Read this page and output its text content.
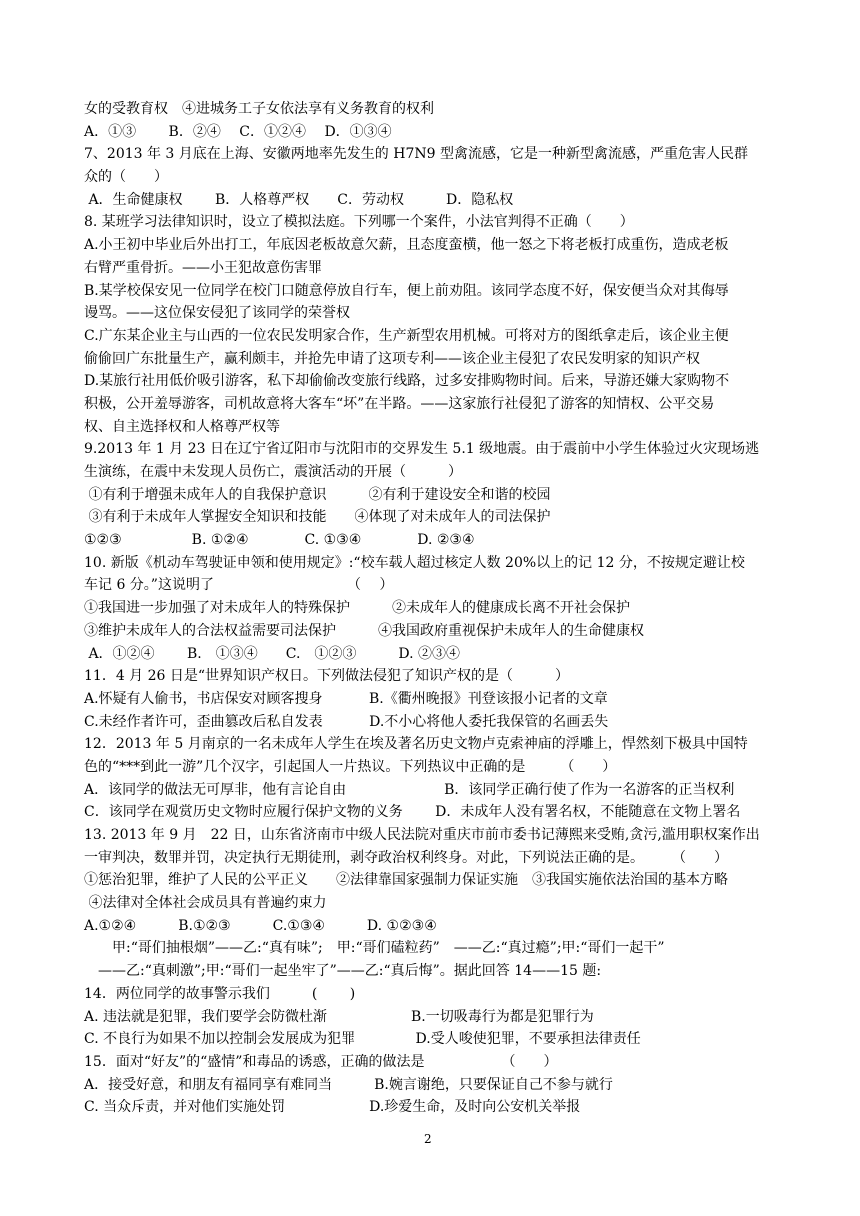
女的受教育权　④进城务工子女依法享有义务教育的权利
A．①③　　 B．②④　 C．①②④　 D．①③④
7、2013 年 3 月底在上海、安徽两地率先发生的 H7N9 型禽流感，它是一种新型禽流感，严重危害人民群
众的（　　）
A．生命健康权　　 B．人格尊严权　　C．劳动权　　　D．隐私权
8. 某班学习法律知识时，设立了模拟法庭。下列哪一个案件，小法官判得不正确（　　）
A.小王初中毕业后外出打工，年底因老板故意欠薪，且态度蛮横，他一怒之下将老板打成重伤，造成老板
右臂严重骨折。——小王犯故意伤害罪
B.某学校保安见一位同学在校门口随意停放自行车，便上前劝阻。该同学态度不好，保安便当众对其侮辱
谩骂。——这位保安侵犯了该同学的荣誉权
C.广东某企业主与山西的一位农民发明家合作，生产新型农用机械。可将对方的图纸拿走后，该企业主便
偷偷回广东批量生产，赢利颇丰，并抢先申请了这项专利——该企业主侵犯了农民发明家的知识产权
D.某旅行社用低价吸引游客，私下却偷偷改变旅行线路，过多安排购物时间。后来，导游还嫌大家购物不
积极，公开羞辱游客，司机故意将大客车“坏”在半路。——这家旅行社侵犯了游客的知情权、公平交易
权、自主选择权和人格尊严权等
9.2013 年 1 月 23 日在辽宁省辽阳市与沈阳市的交界发生 5.1 级地震。由于震前中小学生体验过火灾现场逃
生演练，在震中未发现人员伤亡，震演活动的开展（　　　）
①有利于增强未成年人的自我保护意识　　　②有利于建设安全和谐的校园
③有利于未成年人掌握安全知识和技能　　④体现了对未成年人的司法保护
①②③　　　　　B. ①②④　　　　C. ①③④　　　　D. ②③④
10. 新版《机动车驾驶证申领和使用规定》:“校车载人超过核定人数 20%以上的记 12 分，不按规定避让校
车记 6 分。”这说明了　　　　　　　　　　（　 ）
①我国进一步加强了对未成年人的特殊保护　　　②未成年人的健康成长离不开社会保护
③维护未成年人的合法权益需要司法保护　　　④我国政府重视保护未成年人的生命健康权
A．①②④　　 B.　①③④　　C.　①②③　　　D. ②③④
11．4 月 26 日是“世界知识产权日。下列做法侵犯了知识产权的是（　　　）
A.怀疑有人偷书，书店保安对顾客搜身　　　 B.《衢州晚报》刊登该报小记者的文章
C.未经作者许可，歪曲篡改后私自发表　　　 D.不小心将他人委托我保管的名画丢失
12．2013 年 5 月南京的一名未成年人学生在埃及著名历史文物卢克索神庙的浮雕上，悍然刻下极具中国特
色的“***到此一游”几个汉字，引起国人一片热议。下列热议中正确的是　　　（　　）
A．该同学的做法无可厚非，他有言论自由　　　　　　　B．该同学正确行使了作为一名游客的正当权利
C．该同学在观赏历史文物时应履行保护文物的义务　　 D．未成年人没有署名权，不能随意在文物上署名
13. 2013 年 9 月　22 日，山东省济南市中级人民法院对重庆市前市委书记薄熙来受贿,贪污,滥用职权案作出
一审判决，数罪并罚，决定执行无期徒刑，剥夺政治权利终身。对此，下列说法正确的是。　　　（　　）
①惩治犯罪，维护了人民的公平正义　　②法律靠国家强制力保证实施　③我国实施依法治国的基本方略
④法律对全体社会成员具有普遍约束力
A.①②④　　　B.①②③　　　C.①③④　　　D. ①②③④
　　甲:“哥们抽根烟”——乙:“真有味”;　甲:“哥们磕粒药”　——乙:“真过瘾”;甲:“哥们一起干”
　——乙:“真刺激”;甲:“哥们一起坐牢了”——乙:“真后悔”。据此回答 14——15 题:
14．两位同学的故事警示我们　　　(　　 )
A. 违法就是犯罪，我们要学会防微杜渐　　　　　　B.一切吸毒行为都是犯罪行为
C. 不良行为如果不加以控制会发展成为犯罪　　　　 D.受人唆使犯罪，不要承担法律责任
15．面对“好友”的“盛情”和毒品的诱惑，正确的做法是　　　　　　（　　）
A．接受好意，和朋友有福同享有难同当　　　B.婉言谢绝，只要保证自己不参与就行
C. 当众斥责，并对他们实施处罚　　　　　　D.珍爱生命，及时向公安机关举报
2
